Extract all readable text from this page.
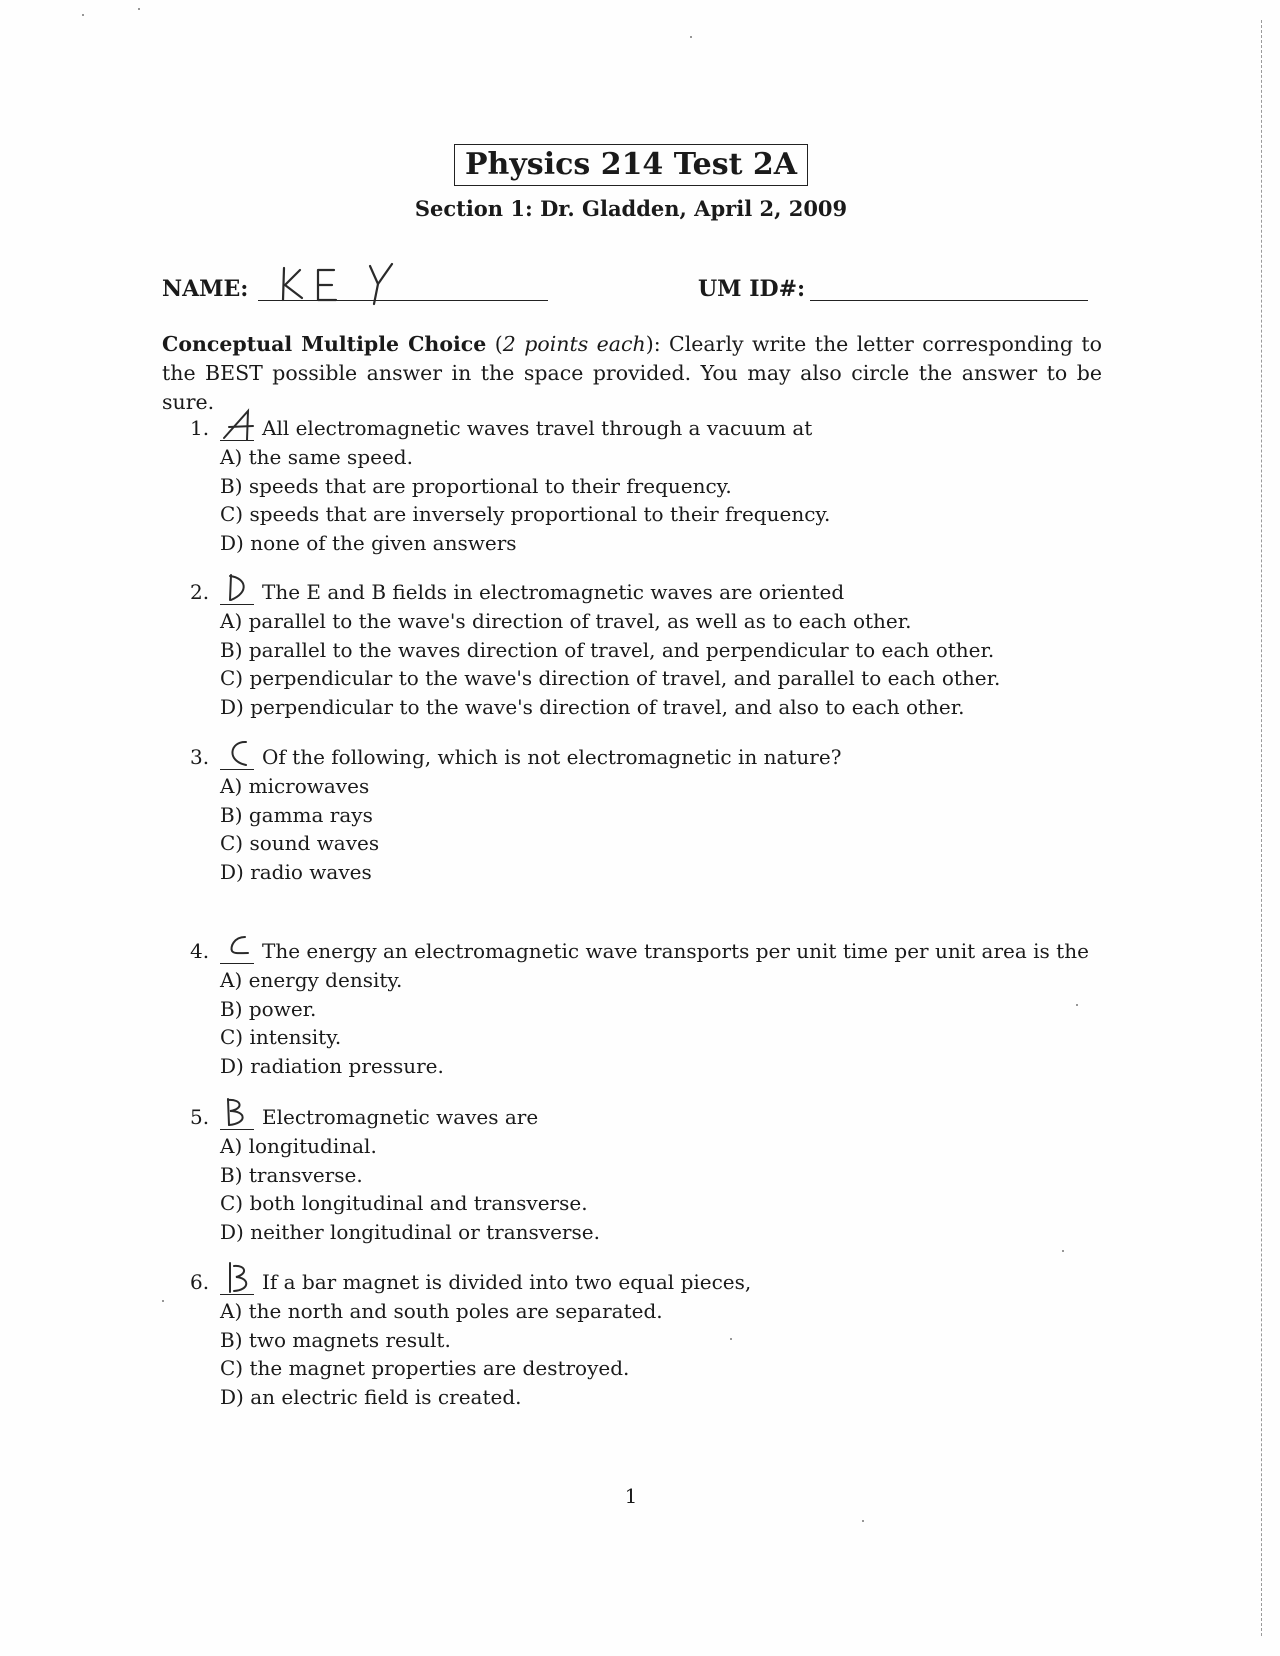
Physics 214 Test 2A
Section 1: Dr. Gladden, April 2, 2009
NAME:	UM ID#:
Conceptual Multiple Choice (2 points each): Clearly write the letter corresponding to the BEST possible answer in the space provided. You may also circle the answer to be sure.
1.	All electromagnetic waves travel through a vacuum at
A) the same speed.
B) speeds that are proportional to their frequency.
C) speeds that are inversely proportional to their frequency.
D) none of the given answers
2.	The E and B fields in electromagnetic waves are oriented
A) parallel to the wave's direction of travel, as well as to each other.
B) parallel to the waves direction of travel, and perpendicular to each other.
C) perpendicular to the wave's direction of travel, and parallel to each other.
D) perpendicular to the wave's direction of travel, and also to each other.
3.	Of the following, which is not electromagnetic in nature?
A) microwaves
B) gamma rays
C) sound waves
D) radio waves
4.	The energy an electromagnetic wave transports per unit time per unit area is the
A) energy density.
B) power.
C) intensity.
D) radiation pressure.
5.	Electromagnetic waves are
A) longitudinal.
B) transverse.
C) both longitudinal and transverse.
D) neither longitudinal or transverse.
6.	If a bar magnet is divided into two equal pieces,
A) the north and south poles are separated.
B) two magnets result.
C) the magnet properties are destroyed.
D) an electric field is created.
1
